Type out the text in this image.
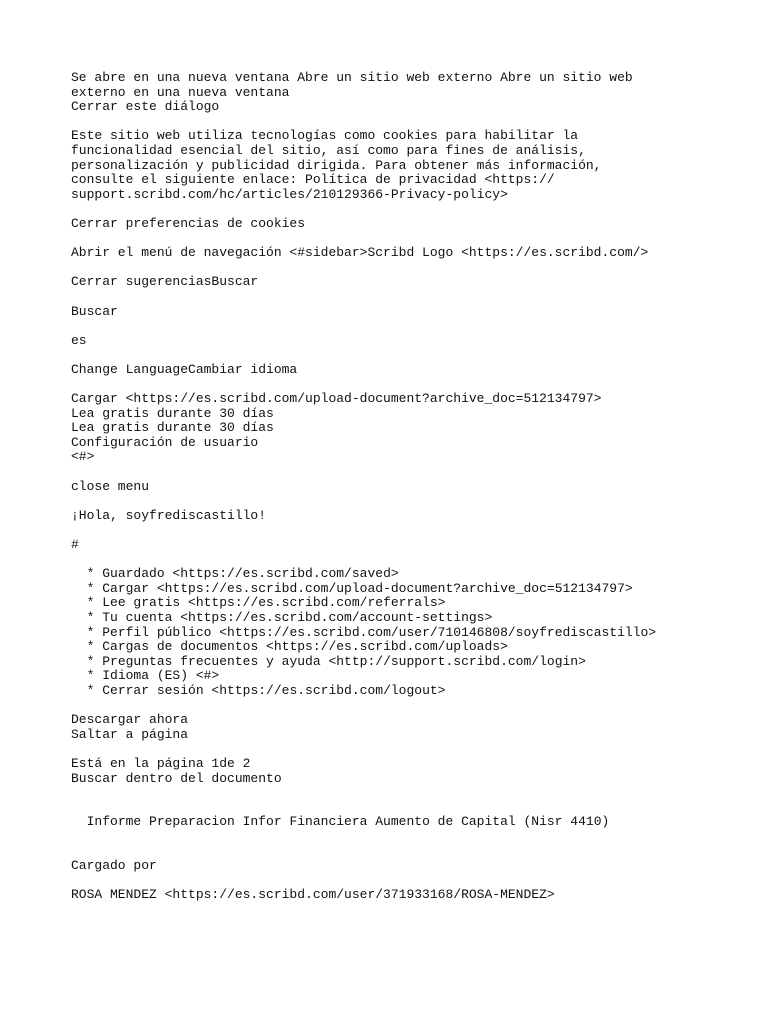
Se abre en una nueva ventana Abre un sitio web externo Abre un sitio web
externo en una nueva ventana
Cerrar este diálogo
Este sitio web utiliza tecnologías como cookies para habilitar la
funcionalidad esencial del sitio, así como para fines de análisis,
personalización y publicidad dirigida. Para obtener más información,
consulte el siguiente enlace: Política de privacidad <https://
support.scribd.com/hc/articles/210129366-Privacy-policy>
Cerrar preferencias de cookies
Abrir el menú de navegación <#sidebar>Scribd Logo <https://es.scribd.com/>
Cerrar sugerenciasBuscar
Buscar
es
Change LanguageCambiar idioma
Cargar <https://es.scribd.com/upload-document?archive_doc=512134797>
Lea gratis durante 30 días
Lea gratis durante 30 días
Configuración de usuario
<#>
close menu
¡Hola, soyfrediscastillo!
#
* Guardado <https://es.scribd.com/saved>
* Cargar <https://es.scribd.com/upload-document?archive_doc=512134797>
* Lee gratis <https://es.scribd.com/referrals>
* Tu cuenta <https://es.scribd.com/account-settings>
* Perfil público <https://es.scribd.com/user/710146808/soyfrediscastillo>
* Cargas de documentos <https://es.scribd.com/uploads>
* Preguntas frecuentes y ayuda <http://support.scribd.com/login>
* Idioma (ES) <#>
* Cerrar sesión <https://es.scribd.com/logout>
Descargar ahora
Saltar a página
Está en la página 1de 2
Buscar dentro del documento
Informe Preparacion Infor Financiera Aumento de Capital (Nisr 4410)
Cargado por
ROSA MENDEZ <https://es.scribd.com/user/371933168/ROSA-MENDEZ>
